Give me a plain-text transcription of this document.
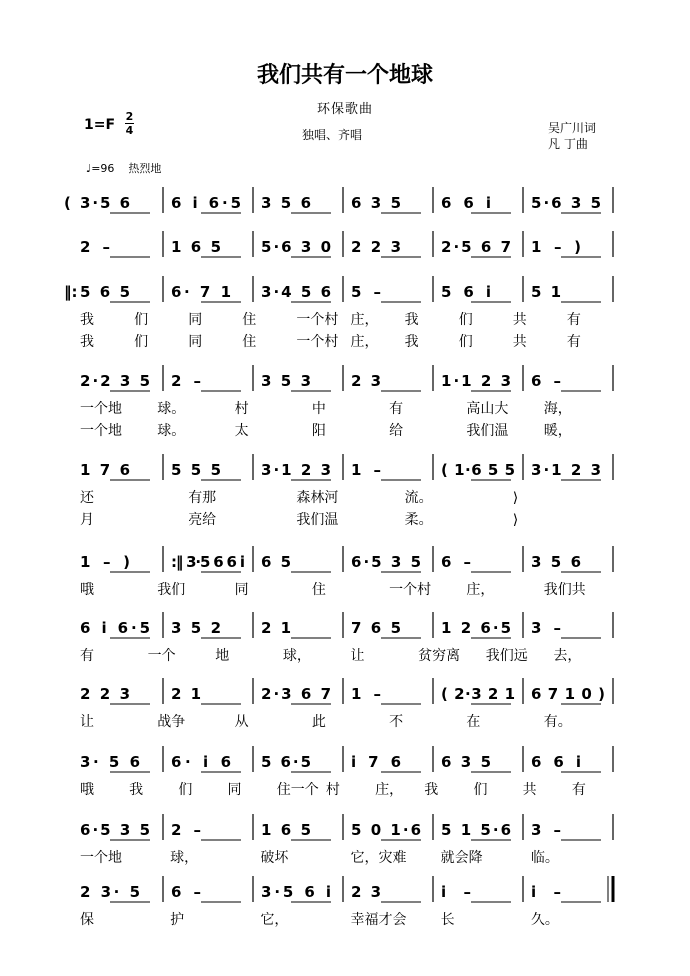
我们共有一个地球
环保歌曲
独唱、齐唱
1=F
2
4	吴广川词
凡 丁曲
♩=96 热烈地
( 3·5 6	6 i 6·5 3 5 6	6 3 5	6 6 i	5·6 3 5
2 –	1 6 5	5·6 3 0 2 2 3	2·5 6 7 1 – )
‖: 5 6 5	6· 7 1 3·4 5 6 5 –	5 6 i	5 1
我	们	同	住	一个村 庄， 我	们	共	有
我	们	同	住	一个村 庄， 我	们	共	有
2·2 3 5 2 –	3 5 3	2 3	1·1 2 3 6 –
一个地	球。	村	中	有	高山大	海，
一个地	球。	太	阳	给	我们温	暖，
1 7 6	5 5 5	3·1 2 3 1 –	( 1·6 5 5 3·1 2 3
还	有那	森林河	流。	⟩
月	亮给	我们温	柔。	⟩
1 – )	:‖ 3·5 6 6 i 6 5	6·5 3 5 6 –	3 5 6
哦	我们	同	住	一个村	庄，	我们共
6 i 6·5 3 5 2	2 1	7 6 5	1 2 6·5 3 –
有	一个	地	球，	让	贫穷离 我们远 去，
2 2 3	2 1	2·3 6 7 1 –	( 2·3 2 1 6 7 1 0 )
让	战争	从	此	不	在	有。
3· 5 6 6· i 6 5 6·5	i 7 6	6 3 5	6 6 i
哦	我	们	同	住一个 村	庄， 我	们	共	有
6·5 3 5 2 –	1 6 5	5 0 1·6 5 1 5·6 3 –
一个地	球，	破坏	它，灾难 就会降	临。
2 3· 5 6 –	3·5 6 i 2 3	i –	i –
保	护	它，	幸福才会 长	久。
